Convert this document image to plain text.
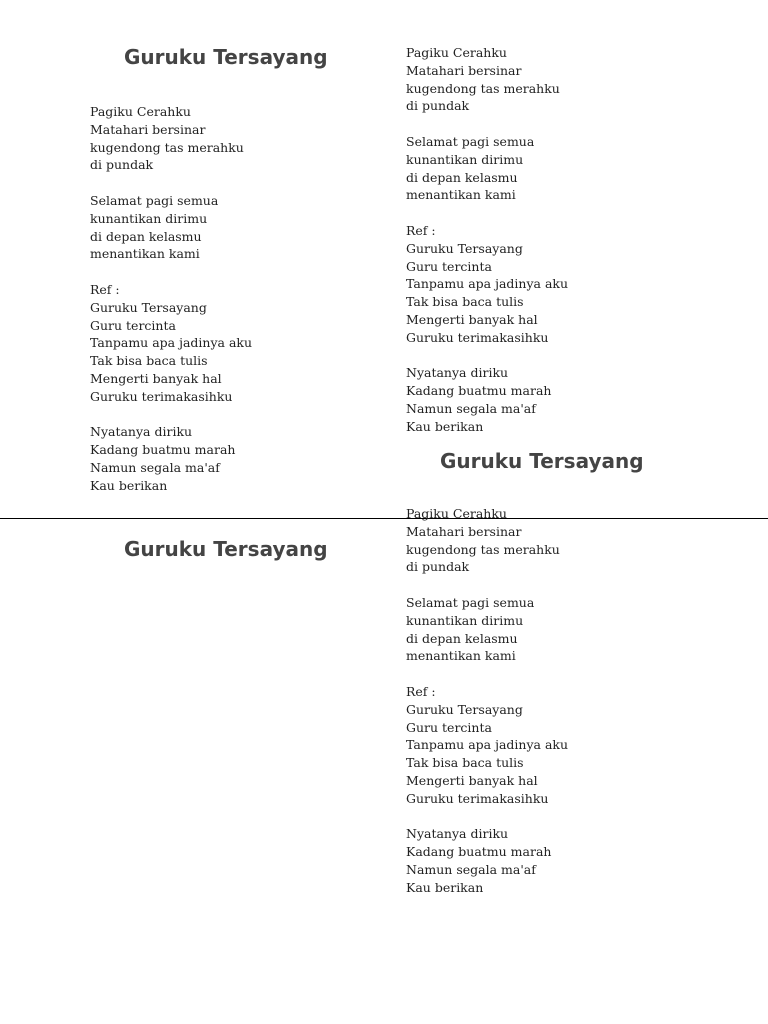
Guruku Tersayang
Pagiku Cerahku
Matahari bersinar
kugendong tas merahku
di pundak
Selamat pagi semua
kunantikan dirimu
di depan kelasmu
menantikan kami
Ref :
Guruku Tersayang
Guru tercinta
Tanpamu apa jadinya aku
Tak bisa baca tulis
Mengerti banyak hal
Guruku terimakasihku
Nyatanya diriku
Kadang buatmu marah
Namun segala ma'af
Kau berikan
Pagiku Cerahku
Matahari bersinar
kugendong tas merahku
di pundak
Selamat pagi semua
kunantikan dirimu
di depan kelasmu
menantikan kami
Ref :
Guruku Tersayang
Guru tercinta
Tanpamu apa jadinya aku
Tak bisa baca tulis
Mengerti banyak hal
Guruku terimakasihku
Nyatanya diriku
Kadang buatmu marah
Namun segala ma'af
Kau berikan
Guruku Tersayang
Guruku Tersayang
Pagiku Cerahku
Matahari bersinar
kugendong tas merahku
di pundak
Selamat pagi semua
kunantikan dirimu
di depan kelasmu
menantikan kami
Ref :
Guruku Tersayang
Guru tercinta
Tanpamu apa jadinya aku
Tak bisa baca tulis
Mengerti banyak hal
Guruku terimakasihku
Nyatanya diriku
Kadang buatmu marah
Namun segala ma'af
Kau berikan
